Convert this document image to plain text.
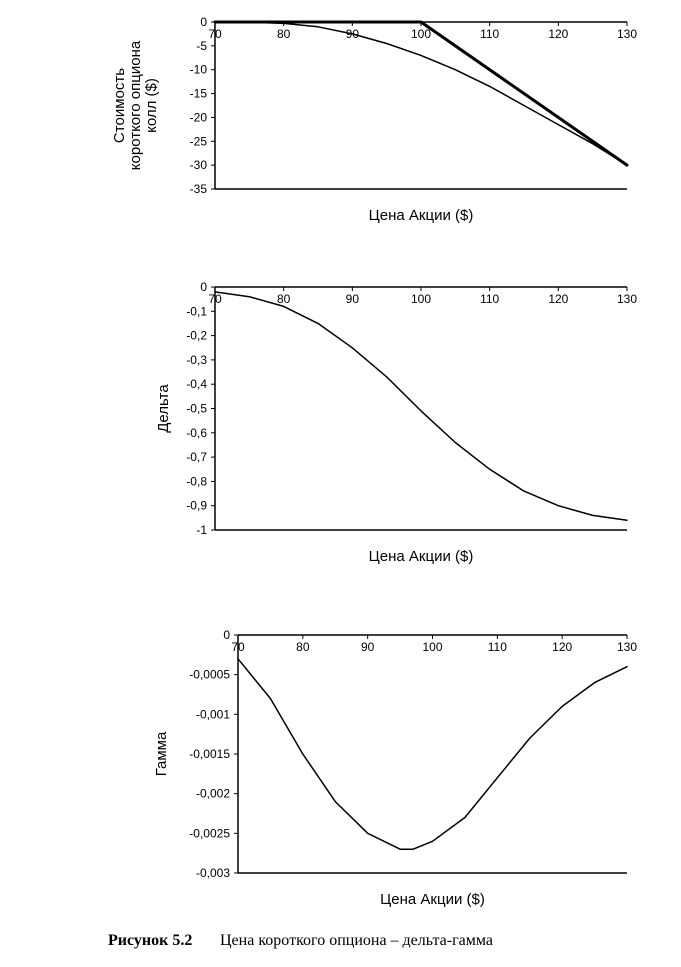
70	80	90	100	110	120	130
0
-5
-10
-15
-20
-25
-30
-35
Цена Акции ($)
Стоимость короткого опциона колл ($)
70	80	90	100	110	120	130
0
-0,1
-0,2
-0,3
-0,4
-0,5
-0,6
-0,7
-0,8
-0,9
-1
Цена Акции ($)
Дельта
70	80	90	100	110	120	130
0
-0,0005
-0,001
-0,0015
-0,002
-0,0025
-0,003
Цена Акции ($)
Гамма
Рисунок 5.2 Цена короткого опциона – дельта-гамма
